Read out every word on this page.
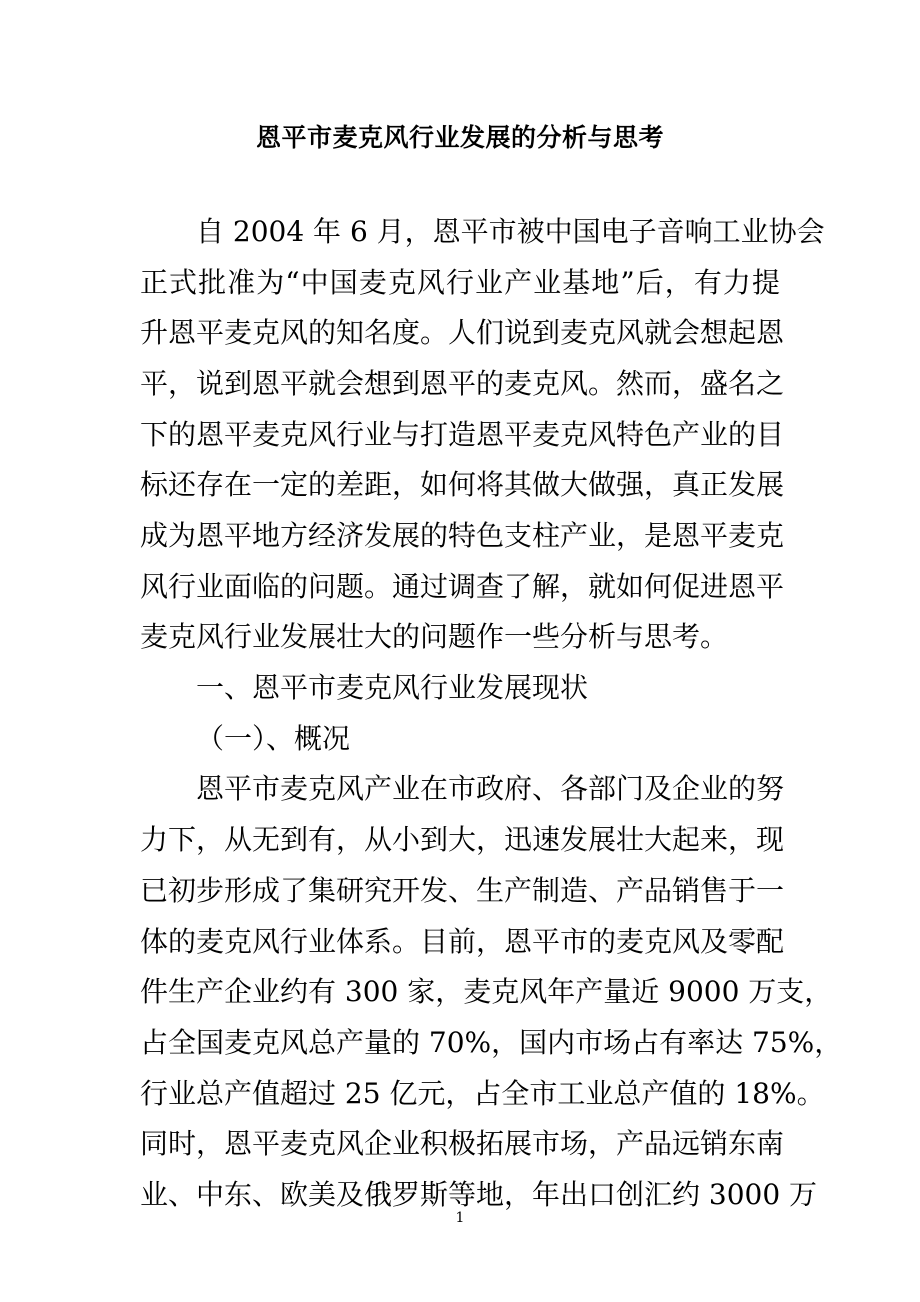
恩平市麦克风行业发展的分析与思考
自 2004 年 6 月，恩平市被中国电子音响工业协会
正式批准为“中国麦克风行业产业基地”后，有力提
升恩平麦克风的知名度。人们说到麦克风就会想起恩
平，说到恩平就会想到恩平的麦克风。然而，盛名之
下的恩平麦克风行业与打造恩平麦克风特色产业的目
标还存在一定的差距，如何将其做大做强，真正发展
成为恩平地方经济发展的特色支柱产业，是恩平麦克
风行业面临的问题。通过调查了解，就如何促进恩平
麦克风行业发展壮大的问题作一些分析与思考。
一、恩平市麦克风行业发展现状
（一）、概况
恩平市麦克风产业在市政府、各部门及企业的努
力下，从无到有，从小到大，迅速发展壮大起来，现
已初步形成了集研究开发、生产制造、产品销售于一
体的麦克风行业体系。目前，恩平市的麦克风及零配
件生产企业约有 300 家，麦克风年产量近 9000 万支，
占全国麦克风总产量的 70%，国内市场占有率达 75%，
行业总产值超过 25 亿元，占全市工业总产值的 18%。
同时，恩平麦克风企业积极拓展市场，产品远销东南
业、中东、欧美及俄罗斯等地，年出口创汇约 3000 万
1
